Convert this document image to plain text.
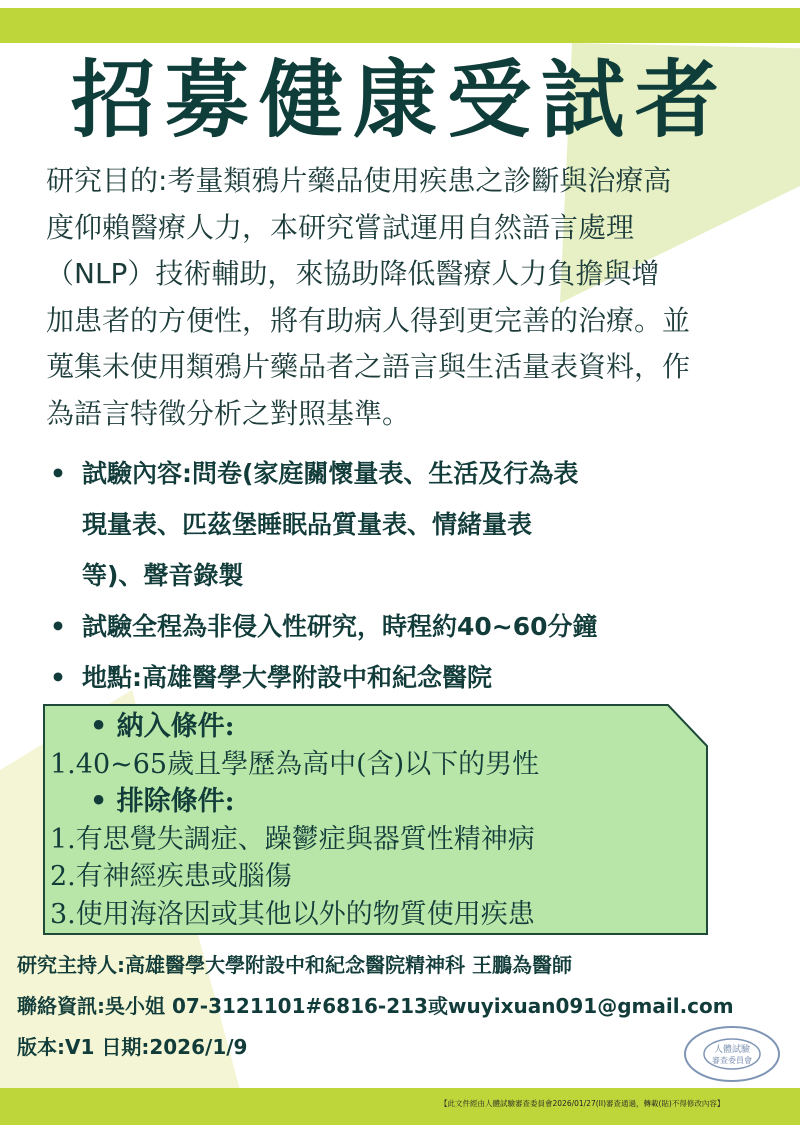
招募健康受試者
研究目的:考量類鴉片藥品使用疾患之診斷與治療高
度仰賴醫療人力，本研究嘗試運用自然語言處理
（NLP）技術輔助，來協助降低醫療人力負擔與增
加患者的方便性，將有助病人得到更完善的治療。並
蒐集未使用類鴉片藥品者之語言與生活量表資料，作
為語言特徵分析之對照基準。
• 試驗內容:問卷(家庭關懷量表、生活及行為表
現量表、匹茲堡睡眠品質量表、情緒量表
等)、聲音錄製
• 試驗全程為非侵入性研究，時程約40~60分鐘
• 地點:高雄醫學大學附設中和紀念醫院
• 納入條件:
1.40~65歲且學歷為高中(含)以下的男性
• 排除條件:
1.有思覺失調症、躁鬱症與器質性精神病
2.有神經疾患或腦傷
3.使用海洛因或其他以外的物質使用疾患
研究主持人:高雄醫學大學附設中和紀念醫院精神科 王鵬為醫師
聯絡資訊:吳小姐 07-3121101#6816-213或wuyixuan091@gmail.com
版本:V1 日期:2026/1/9	人體試驗
審查委員會
【此文件經由人體試驗審查委員會2026/01/27(II)審查通過，轉載(貼)不得修改內容】
